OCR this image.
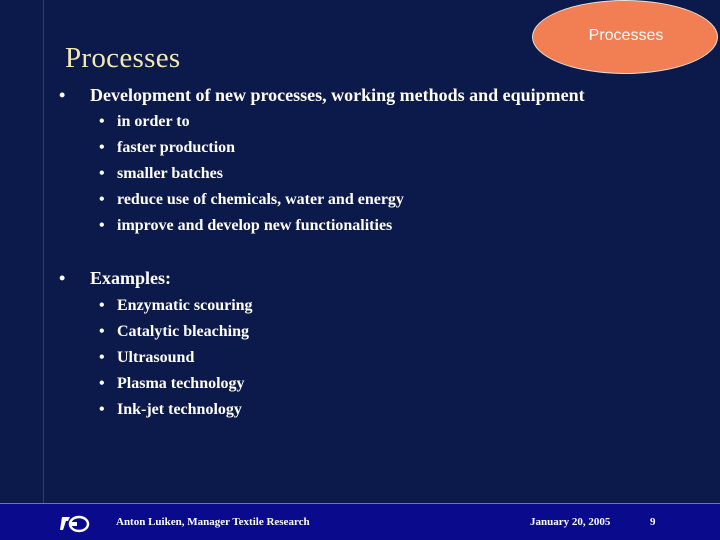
Processes
Processes
• Development of new processes, working methods and equipment
• in order to
• faster production
• smaller batches
• reduce use of chemicals, water and energy
• improve and develop new functionalities
• Examples:
• Enzymatic scouring
• Catalytic bleaching
• Ultrasound
• Plasma technology
• Ink-jet technology
Anton Luiken, Manager Textile Research	January 20, 2005	9
